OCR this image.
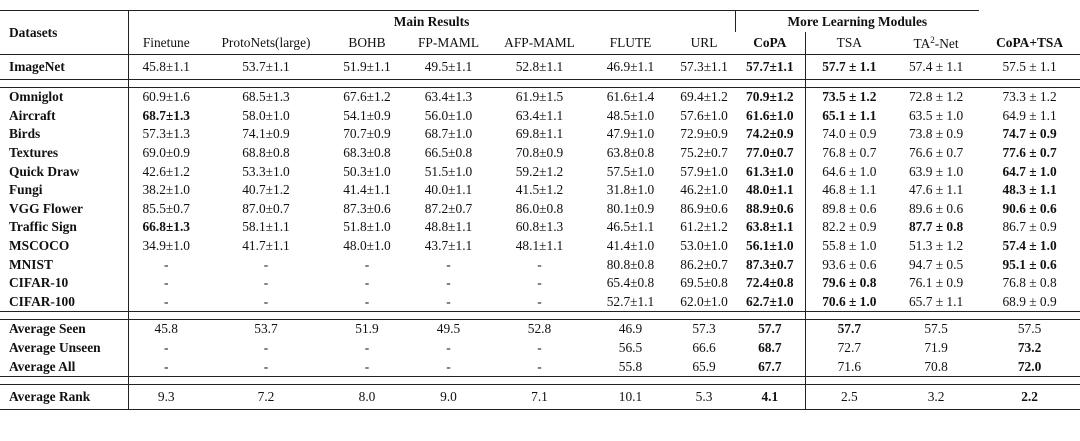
Datasets	Main Results							More Learning Modules			
	Finetune	ProtoNets(large)	BOHB	FP-MAML	AFP-MAML	FLUTE	URL	CoPA	TSA	$TA^2$-Net	CoPA+TSA
ImageNet	45.8±1.1	53.7±1.1	51.9±1.1	49.5±1.1	52.8±1.1	46.9±1.1	57.3±1.1	57.7±1.1	57.7 ± 1.1	57.4 ± 1.1	57.5 ± 1.1

Omniglot	60.9±1.6	68.5±1.3	67.6±1.2	63.4±1.3	61.9±1.5	61.6±1.4	69.4±1.2	70.9±1.2	73.5 ± 1.2	72.8 ± 1.2	73.3 ± 1.2
Aircraft	68.7±1.3	58.0±1.0	54.1±0.9	56.0±1.0	63.4±1.1	48.5±1.0	57.6±1.0	61.6±1.0	65.1 ± 1.1	63.5 ± 1.0	64.9 ± 1.1
Birds	57.3±1.3	74.1±0.9	70.7±0.9	68.7±1.0	69.8±1.1	47.9±1.0	72.9±0.9	74.2±0.9	74.0 ± 0.9	73.8 ± 0.9	74.7 ± 0.9
Textures	69.0±0.9	68.8±0.8	68.3±0.8	66.5±0.8	70.8±0.9	63.8±0.8	75.2±0.7	77.0±0.7	76.8 ± 0.7	76.6 ± 0.7	77.6 ± 0.7
Quick Draw	42.6±1.2	53.3±1.0	50.3±1.0	51.5±1.0	59.2±1.2	57.5±1.0	57.9±1.0	61.3±1.0	64.6 ± 1.0	63.9 ± 1.0	64.7 ± 1.0
Fungi	38.2±1.0	40.7±1.2	41.4±1.1	40.0±1.1	41.5±1.2	31.8±1.0	46.2±1.0	48.0±1.1	46.8 ± 1.1	47.6 ± 1.1	48.3 ± 1.1
VGG Flower	85.5±0.7	87.0±0.7	87.3±0.6	87.2±0.7	86.0±0.8	80.1±0.9	86.9±0.6	88.9±0.6	89.8 ± 0.6	89.6 ± 0.6	90.6 ± 0.6
Traffic Sign	66.8±1.3	58.1±1.1	51.8±1.0	48.8±1.1	60.8±1.3	46.5±1.1	61.2±1.2	63.8±1.1	82.2 ± 0.9	87.7 ± 0.8	86.7 ± 0.9
MSCOCO	34.9±1.0	41.7±1.1	48.0±1.0	43.7±1.1	48.1±1.1	41.4±1.0	53.0±1.0	56.1±1.0	55.8 ± 1.0	51.3 ± 1.2	57.4 ± 1.0
MNIST	-	-	-	-	-	80.8±0.8	86.2±0.7	87.3±0.7	93.6 ± 0.6	94.7 ± 0.5	95.1 ± 0.6
CIFAR-10	-	-	-	-	-	65.4±0.8	69.5±0.8	72.4±0.8	79.6 ± 0.8	76.1 ± 0.9	76.8 ± 0.8
CIFAR-100	-	-	-	-	-	52.7±1.1	62.0±1.0	62.7±1.0	70.6 ± 1.0	65.7 ± 1.1	68.9 ± 0.9

Average Seen	45.8	53.7	51.9	49.5	52.8	46.9	57.3	57.7	57.7	57.5	57.5
Average Unseen	-	-	-	-	-	56.5	66.6	68.7	72.7	71.9	73.2
Average All	-	-	-	-	-	55.8	65.9	67.7	71.6	70.8	72.0

Average Rank	9.3	7.2	8.0	9.0	7.1	10.1	5.3	4.1	2.5	3.2	2.2
